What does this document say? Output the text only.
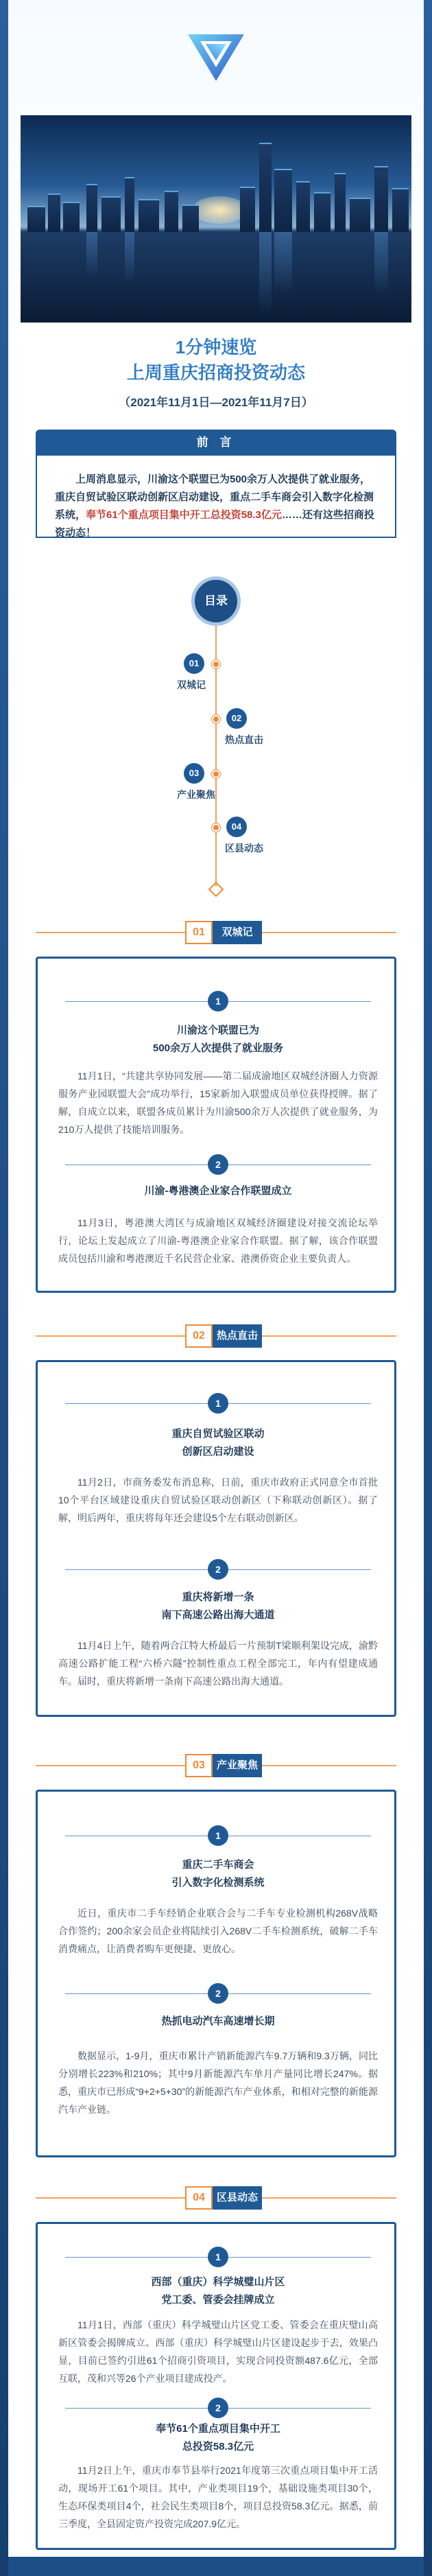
1分钟速览
上周重庆招商投资动态
（2021年11月1日—2021年11月7日）
前 言
上周消息显示，川渝这个联盟已为500余万人次提供了就业服务，重庆自贸试验区联动创新区启动建设，重点二手车商会引入数字化检测系统，奉节61个重点项目集中开工总投资58.3亿元……还有这些招商投资动态！
目录
01
双城记
02
热点直击
03
产业聚焦
04
区县动态
01	双城记
1
川渝这个联盟已为
500余万人次提供了就业服务
11月1日，“共建共享协同发展——第二届成渝地区双城经济圈人力资源服务产业园联盟大会”成功举行，15家新加入联盟成员单位获得授牌。据了解，自成立以来，联盟各成员累计为川渝500余万人次提供了就业服务，为210万人提供了技能培训服务。
2
川渝-粤港澳企业家合作联盟成立
11月3日，粤港澳大湾区与成渝地区双城经济圈建设对接交流论坛举行，论坛上发起成立了川渝-粤港澳企业家合作联盟。据了解，该合作联盟成员包括川渝和粤港澳近千名民营企业家、港澳侨资企业主要负责人。
02	热点直击
1
重庆自贸试验区联动
创新区启动建设
11月2日，市商务委发布消息称，日前，重庆市政府正式同意全市首批10个平台区域建设重庆自贸试验区联动创新区（下称联动创新区）。据了解，明后两年，重庆将每年还会建设5个左右联动创新区。
2
重庆将新增一条
南下高速公路出海大通道
11月4日上午，随着两合江特大桥最后一片预制T梁顺利架设完成，渝黔高速公路扩能工程“六桥六隧”控制性重点工程全部完工，年内有望建成通车。届时，重庆将新增一条南下高速公路出海大通道。
03	产业聚焦
1
重庆二手车商会
引入数字化检测系统
近日，重庆市二手车经销企业联合会与二手车专业检测机构268V战略合作签约；200余家会员企业将陆续引入268V二手车检测系统，破解二手车消费痛点，让消费者购车更便捷、更放心。
2
热抓电动汽车高速增长期
数据显示，1-9月，重庆市累计产销新能源汽车9.7万辆和9.3万辆，同比分别增长223%和210%；其中9月新能源汽车单月产量同比增长247%。据悉，重庆市已形成“9+2+5+30”的新能源汽车产业体系，和相对完整的新能源汽车产业链。
04	区县动态
1
西部（重庆）科学城璧山片区
党工委、管委会挂牌成立
11月1日，西部（重庆）科学城璧山片区党工委、管委会在重庆璧山高新区管委会揭牌成立。西部（重庆）科学城璧山片区建设起步于去，效果凸显，目前已签约引进61个招商引资项目，实现合同投资额487.6亿元，全部互联，茂和兴等26个产业项目建成投产。
2
奉节61个重点项目集中开工
总投资58.3亿元
11月2日上午，重庆市奉节县举行2021年度第三次重点项目集中开工活动，现场开工61个项目。其中，产业类项目19个，基础设施类项目30个，生态环保类项目4个，社会民生类项目8个，项目总投资58.3亿元。据悉，前三季度，全县固定资产投资完成207.9亿元。
